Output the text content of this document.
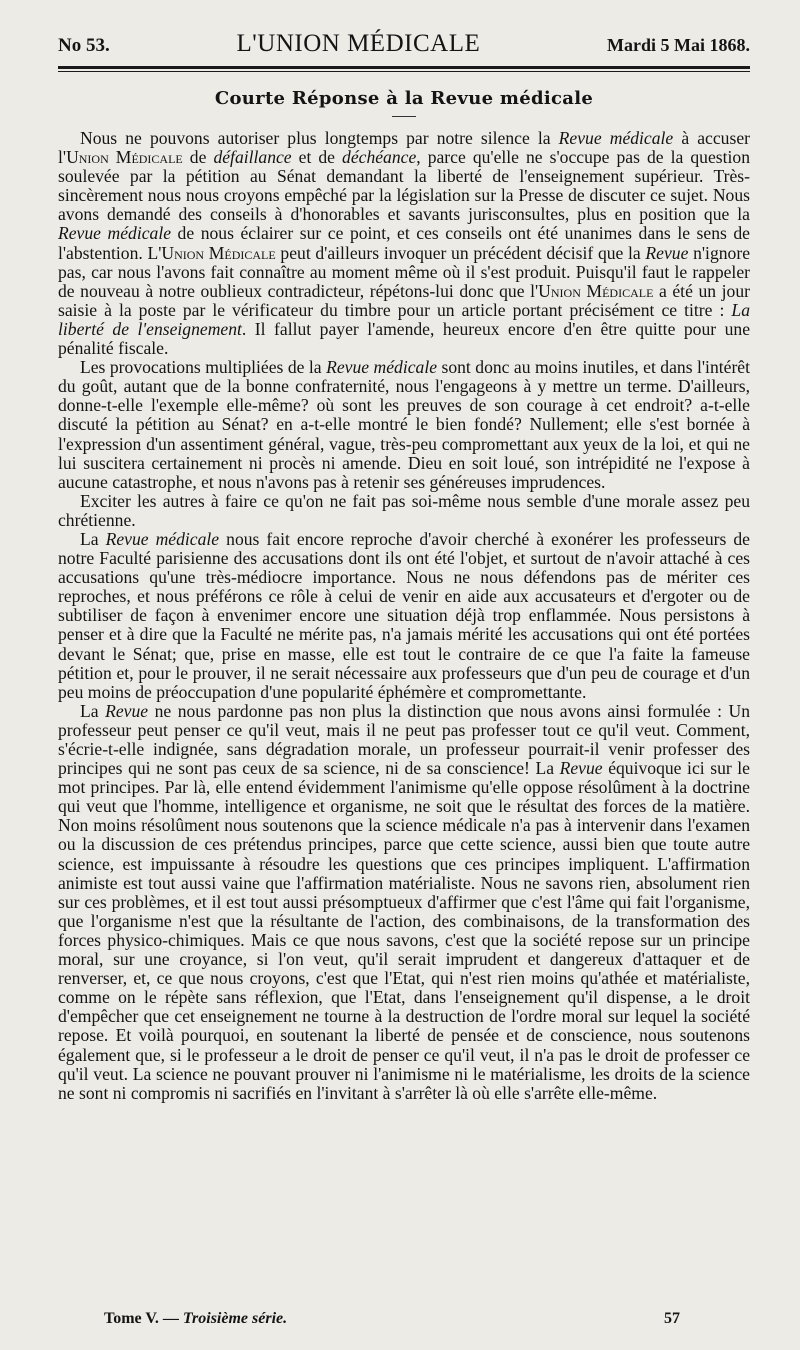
No 53.	L'UNION MÉDICALE	Mardi 5 Mai 1868.
Courte Réponse à la Revue médicale

Nous ne pouvons autoriser plus longtemps par notre silence la Revue médicale à accuser l'Union Médicale de défaillance et de déchéance, parce qu'elle ne s'occupe pas de la question soulevée par la pétition au Sénat demandant la liberté de l'enseignement supérieur. Très-sincèrement nous nous croyons empêché par la législation sur la Presse de discuter ce sujet. Nous avons demandé des conseils à d'honorables et savants jurisconsultes, plus en position que la Revue médicale de nous éclairer sur ce point, et ces conseils ont été unanimes dans le sens de l'abstention. L'Union Médicale peut d'ailleurs invoquer un précédent décisif que la Revue n'ignore pas, car nous l'avons fait connaître au moment même où il s'est produit. Puisqu'il faut le rappeler de nouveau à notre oublieux contradicteur, répétons-lui donc que l'Union Médicale a été un jour saisie à la poste par le vérificateur du timbre pour un article portant précisément ce titre : La liberté de l'enseignement. Il fallut payer l'amende, heureux encore d'en être quitte pour une pénalité fiscale.

Les provocations multipliées de la Revue médicale sont donc au moins inutiles, et dans l'intérêt du goût, autant que de la bonne confraternité, nous l'engageons à y mettre un terme. D'ailleurs, donne-t-elle l'exemple elle-même? où sont les preuves de son courage à cet endroit? a-t-elle discuté la pétition au Sénat? en a-t-elle montré le bien fondé? Nullement; elle s'est bornée à l'expression d'un assentiment général, vague, très-peu compromettant aux yeux de la loi, et qui ne lui suscitera certainement ni procès ni amende. Dieu en soit loué, son intrépidité ne l'expose à aucune catastrophe, et nous n'avons pas à retenir ses généreuses imprudences.

Exciter les autres à faire ce qu'on ne fait pas soi-même nous semble d'une morale assez peu chrétienne.

La Revue médicale nous fait encore reproche d'avoir cherché à exonérer les professeurs de notre Faculté parisienne des accusations dont ils ont été l'objet, et surtout de n'avoir attaché à ces accusations qu'une très-médiocre importance. Nous ne nous défendons pas de mériter ces reproches, et nous préférons ce rôle à celui de venir en aide aux accusateurs et d'ergoter ou de subtiliser de façon à envenimer encore une situation déjà trop enflammée. Nous persistons à penser et à dire que la Faculté ne mérite pas, n'a jamais mérité les accusations qui ont été portées devant le Sénat; que, prise en masse, elle est tout le contraire de ce que l'a faite la fameuse pétition et, pour le prouver, il ne serait nécessaire aux professeurs que d'un peu de courage et d'un peu moins de préoccupation d'une popularité éphémère et compromettante.

La Revue ne nous pardonne pas non plus la distinction que nous avons ainsi formulée : Un professeur peut penser ce qu'il veut, mais il ne peut pas professer tout ce qu'il veut. Comment, s'écrie-t-elle indignée, sans dégradation morale, un professeur pourrait-il venir professer des principes qui ne sont pas ceux de sa science, ni de sa conscience! La Revue équivoque ici sur le mot principes. Par là, elle entend évidemment l'animisme qu'elle oppose résolûment à la doctrine qui veut que l'homme, intelligence et organisme, ne soit que le résultat des forces de la matière. Non moins résolûment nous soutenons que la science médicale n'a pas à intervenir dans l'examen ou la discussion de ces prétendus principes, parce que cette science, aussi bien que toute autre science, est impuissante à résoudre les questions que ces principes impliquent. L'affirmation animiste est tout aussi vaine que l'affirmation matérialiste. Nous ne savons rien, absolument rien sur ces problèmes, et il est tout aussi présomptueux d'affirmer que c'est l'âme qui fait l'organisme, que l'organisme n'est que la résultante de l'action, des combinaisons, de la transformation des forces physico-chimiques. Mais ce que nous savons, c'est que la société repose sur un principe moral, sur une croyance, si l'on veut, qu'il serait imprudent et dangereux d'attaquer et de renverser, et, ce que nous croyons, c'est que l'Etat, qui n'est rien moins qu'athée et matérialiste, comme on le répète sans réflexion, que l'Etat, dans l'enseignement qu'il dispense, a le droit d'empêcher que cet enseignement ne tourne à la destruction de l'ordre moral sur lequel la société repose. Et voilà pourquoi, en soutenant la liberté de pensée et de conscience, nous soutenons également que, si le professeur a le droit de penser ce qu'il veut, il n'a pas le droit de professer ce qu'il veut. La science ne pouvant prouver ni l'animisme ni le matérialisme, les droits de la science ne sont ni compromis ni sacrifiés en l'invitant à s'arrêter là où elle s'arrête elle-même.

Tome V. — Troisième série.	57
